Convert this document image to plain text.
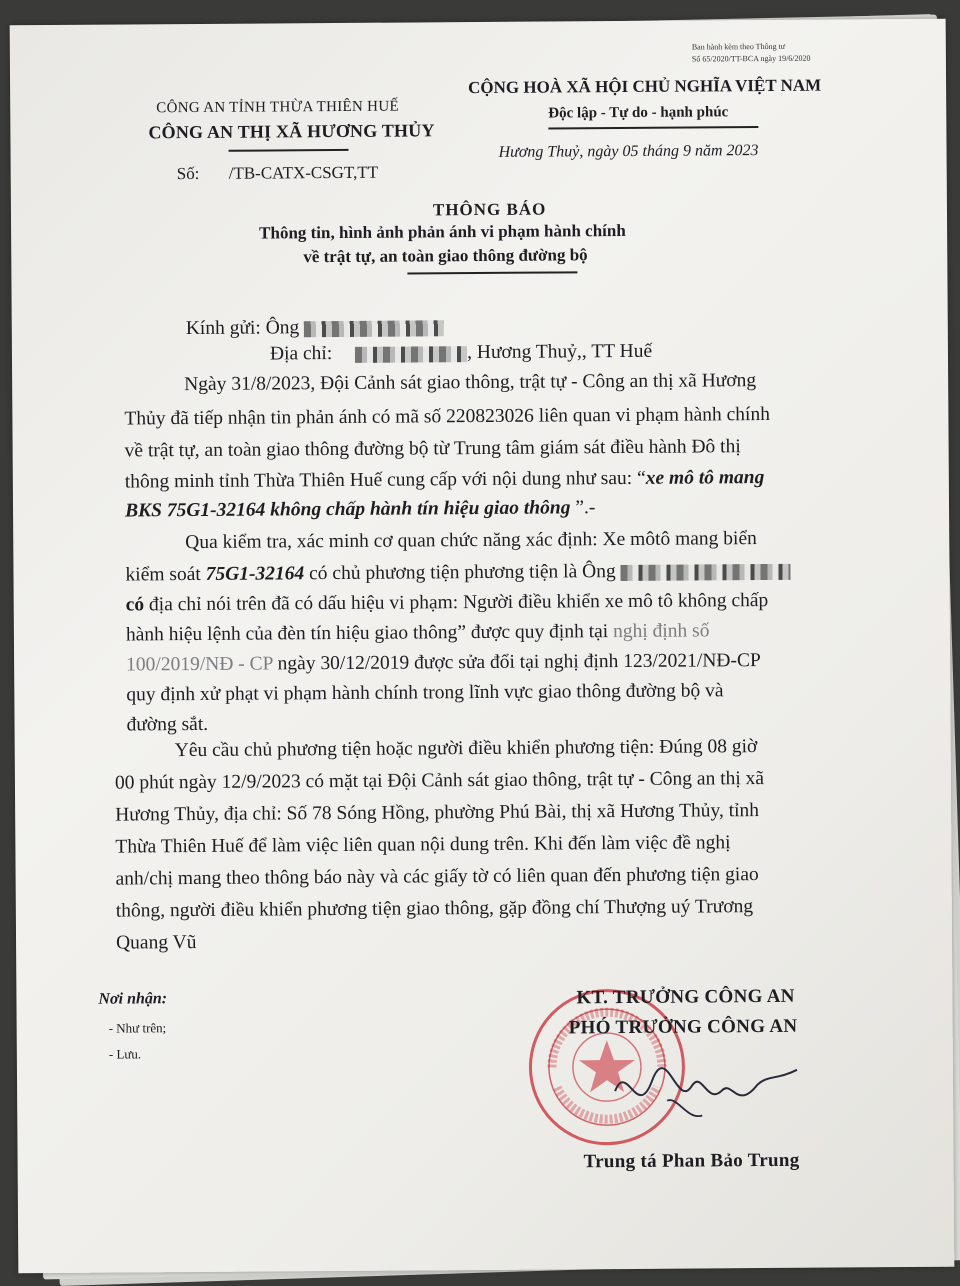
Ban hành kèm theo Thông tư
Số 65/2020/TT-BCA ngày 19/6/2020
CÔNG AN TỈNH THỪA THIÊN HUẾ
CÔNG AN THỊ XÃ HƯƠNG THỦY
CỘNG HOÀ XÃ HỘI CHỦ NGHĨA VIỆT NAM
Độc lập - Tự do - hạnh phúc
Số: /TB-CATX-CSGT,TT
Hương Thuỷ, ngày 05 tháng 9 năm 2023
THÔNG BÁO
Thông tin, hình ảnh phản ánh vi phạm hành chính
về trật tự, an toàn giao thông đường bộ
Kính gửi: Ông
Địa chỉ:	, Hương Thuỷ,, TT Huế
Ngày 31/8/2023, Đội Cảnh sát giao thông, trật tự - Công an thị xã Hương
Thủy đã tiếp nhận tin phản ánh có mã số 220823026 liên quan vi phạm hành chính
về trật tự, an toàn giao thông đường bộ từ Trung tâm giám sát điều hành Đô thị
thông minh tỉnh Thừa Thiên Huế cung cấp với nội dung như sau: “xe mô tô mang
BKS 75G1-32164 không chấp hành tín hiệu giao thông ”.-
Qua kiểm tra, xác minh cơ quan chức năng xác định: Xe môtô mang biển
kiểm soát 75G1-32164 có chủ phương tiện phương tiện là Ông
có địa chỉ nói trên đã có dấu hiệu vi phạm: Người điều khiển xe mô tô không chấp
hành hiệu lệnh của đèn tín hiệu giao thông” được quy định tại nghị định số
100/2019/NĐ - CP ngày 30/12/2019 được sửa đổi tại nghị định 123/2021/NĐ-CP
quy định xử phạt vi phạm hành chính trong lĩnh vực giao thông đường bộ và
đường sắt.
Yêu cầu chủ phương tiện hoặc người điều khiển phương tiện: Đúng 08 giờ
00 phút ngày 12/9/2023 có mặt tại Đội Cảnh sát giao thông, trật tự - Công an thị xã
Hương Thủy, địa chỉ: Số 78 Sóng Hồng, phường Phú Bài, thị xã Hương Thủy, tỉnh
Thừa Thiên Huế để làm việc liên quan nội dung trên. Khi đến làm việc đề nghị
anh/chị mang theo thông báo này và các giấy tờ có liên quan đến phương tiện giao
thông, người điều khiển phương tiện giao thông, gặp đồng chí Thượng uý Trương
Quang Vũ
Nơi nhận:
- Như trên;
- Lưu.
KT. TRƯỞNG CÔNG AN
PHÓ TRƯỞNG CÔNG AN
Trung tá Phan Bảo Trung
